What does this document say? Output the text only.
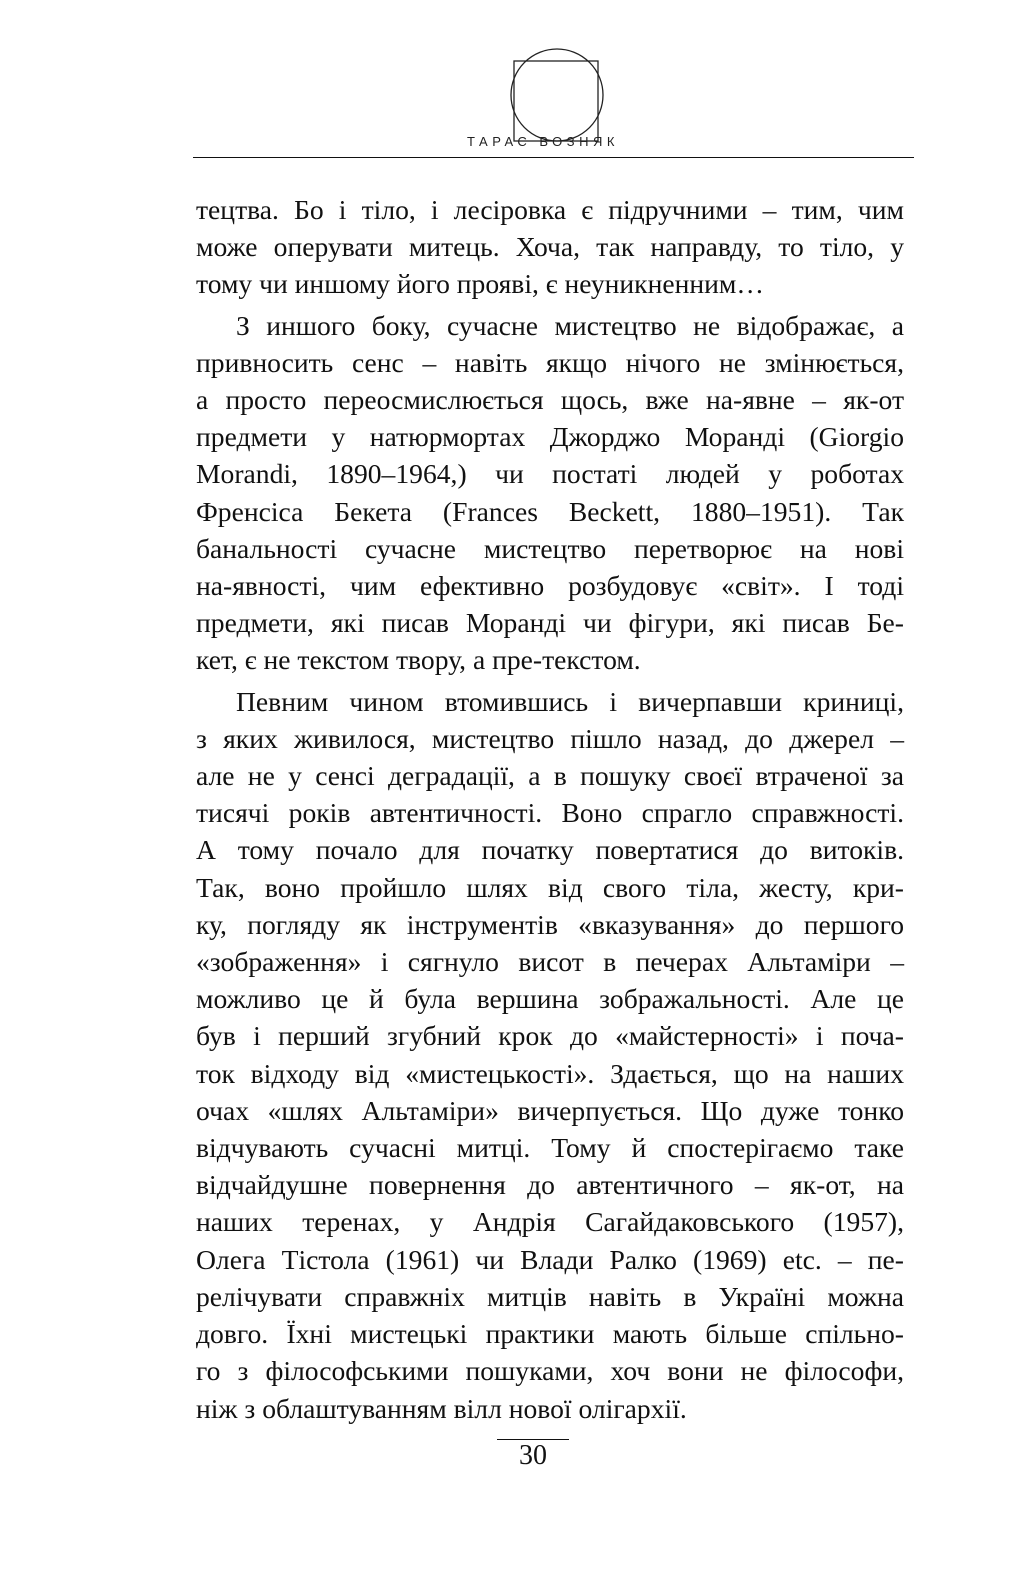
ТАРАС ВОЗНЯК

тецтва. Бо і тіло, і лесіровка є підручними – тим, чим
може оперувати митець. Хоча, так направду, то тіло, у

тому чи иншому його прояві, є неуникненним…

З иншого боку, сучасне мистецтво не відображає, а

привносить сенс – навіть якщо нічого не змінюється,
а просто переосмислюється щось, вже на-явне – як-от
предмети у натюрмортах Джорджо Моранді (Giorgio
Morandi, 1890–1964,) чи постаті людей у роботах
Френсіса Бекета (Frances Beckett, 1880–1951). Так
банальності сучасне мистецтво перетворює на нові
на-явності, чим ефективно розбудовує «світ». І тоді
предмети, які писав Моранді чи фігури, які писав Бе-

кет, є не текстом твору, а пре-текстом.

Певним чином втомившись і вичерпавши криниці,

з яких живилося, мистецтво пішло назад, до джерел –
але не у сенсі деградації, а в пошуку своєї втраченої за
тисячі років автентичності. Воно спрагло справжності.
А тому почало для початку повертатися до витоків.
Так, воно пройшло шлях від свого тіла, жесту, кри-
ку, погляду як інструментів «вказування» до першого
«зображення» і сягнуло висот в печерах Альтаміри –
можливо це й була вершина зображальності. Але це
був і перший згубний крок до «майстерності» і поча-
ток відходу від «мистецькості». Здається, що на наших
очах «шлях Альтаміри» вичерпується. Що дуже тонко
відчувають сучасні митці. Тому й спостерігаємо таке
відчайдушне повернення до автентичного – як-от, на
наших теренах, у Андрія Сагайдаковського (1957),
Олега Тістола (1961) чи Влади Ралко (1969) etc. – пе-
релічувати справжніх митців навіть в Україні можна
довго. Їхні мистецькі практики мають більше спільно-
го з філософськими пошуками, хоч вони не філософи,

ніж з облаштуванням вілл нової олігархії.

30
